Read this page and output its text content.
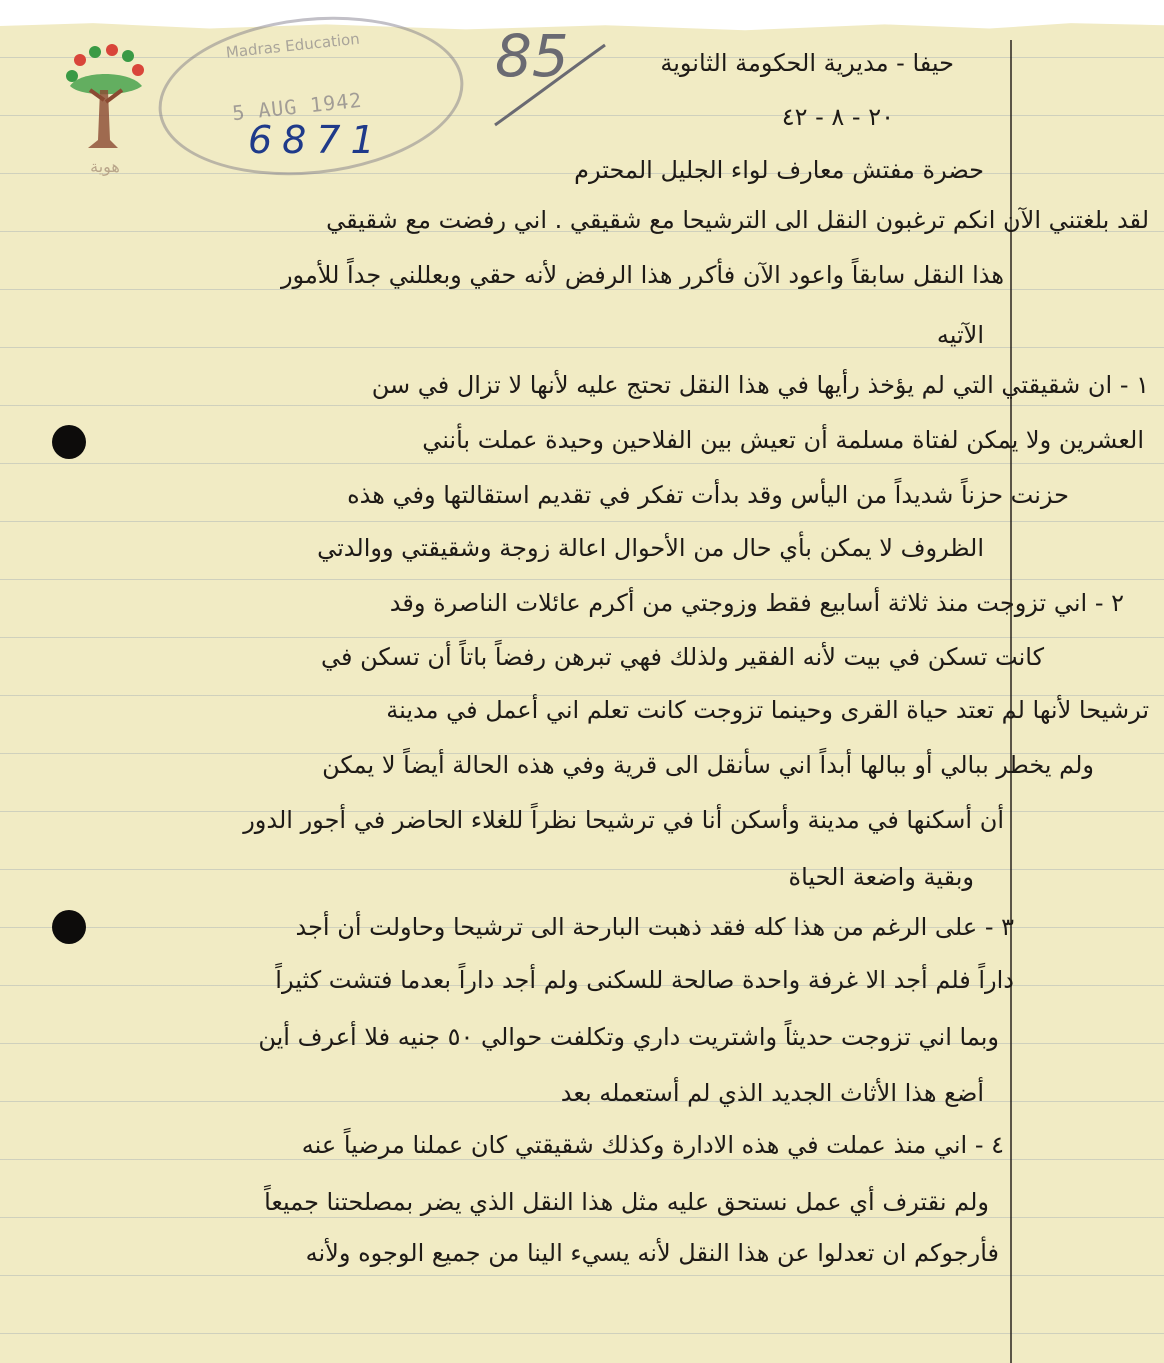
هوية
Madras Education
5 AUG 1942
6871
85	حيفا - مديرية الحكومة الثانوية
٢٠ - ٨ - ٤٢
حضرة مفتش معارف لواء الجليل المحترم
لقد بلغتني الآن انكم ترغبون النقل الى الترشيحا مع شقيقي . اني رفضت مع شقيقي
هذا النقل سابقاً واعود الآن فأكرر هذا الرفض لأنه حقي وبعللني جداً للأمور
الآتيه
١ - ان شقيقتي التي لم يؤخذ رأيها في هذا النقل تحتج عليه لأنها لا تزال في سن
العشرين ولا يمكن لفتاة مسلمة أن تعيش بين الفلاحين وحيدة عملت بأنني
حزنت حزناً شديداً من اليأس وقد بدأت تفكر في تقديم استقالتها وفي هذه
الظروف لا يمكن بأي حال من الأحوال اعالة زوجة وشقيقتي ووالدتي
٢ - اني تزوجت منذ ثلاثة أسابيع فقط وزوجتي من أكرم عائلات الناصرة وقد
كانت تسكن في بيت لأنه الفقير ولذلك فهي تبرهن رفضاً باتاً أن تسكن في
ترشيحا لأنها لم تعتد حياة القرى وحينما تزوجت كانت تعلم اني أعمل في مدينة
ولم يخطر ببالي أو ببالها أبداً اني سأنقل الى قرية وفي هذه الحالة أيضاً لا يمكن
أن أسكنها في مدينة وأسكن أنا في ترشيحا نظراً للغلاء الحاضر في أجور الدور
وبقية واضعة الحياة
٣ - على الرغم من هذا كله فقد ذهبت البارحة الى ترشيحا وحاولت أن أجد
داراً فلم أجد الا غرفة واحدة صالحة للسكنى ولم أجد داراً بعدما فتشت كثيراً
وبما اني تزوجت حديثاً واشتريت داري وتكلفت حوالي ٥٠ جنيه فلا أعرف أين
أضع هذا الأثاث الجديد الذي لم أستعمله بعد
٤ - اني منذ عملت في هذه الادارة وكذلك شقيقتي كان عملنا مرضياً عنه
ولم نقترف أي عمل نستحق عليه مثل هذا النقل الذي يضر بمصلحتنا جميعاً
فأرجوكم ان تعدلوا عن هذا النقل لأنه يسيء الينا من جميع الوجوه ولأنه
